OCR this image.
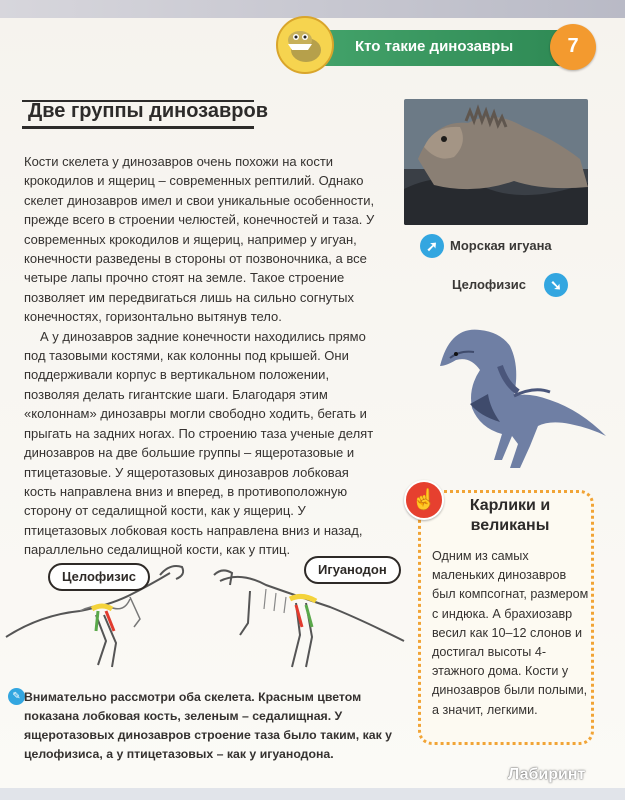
Кто такие динозавры	7
Две группы динозавров

Кости скелета у динозавров очень похожи на кости крокодилов и ящериц – современных рептилий. Однако скелет динозавров имел и свои уникальные особенности, прежде всего в строении челюстей, конечностей и таза. У современных крокодилов и ящериц, например у игуан, конечности разведены в стороны от позвоночника, а все четыре лапы прочно стоят на земле. Такое строение позволяет им передвигаться лишь на сильно согнутых конечностях, горизонтально вытянув тело.

А у динозавров задние конечности находились прямо под тазовыми костями, как колонны под крышей. Они поддерживали корпус в вертикальном положении, позволяя делать гигантские шаги. Благодаря этим «колоннам» динозавры могли свободно ходить, бегать и прыгать на задних ногах. По строению таза ученые делят динозавров на две большие группы – ящеротазовые и птицетазовые. У ящеротазовых динозавров лобковая кость направлена вниз и вперед, в противоположную сторону от седалищной кости, как у ящериц. У птицетазовых лобковая кость направлена вниз и назад, параллельно седалищной кости, как у птиц.

➚ Морская игуана
Целофизис	➘
Целофизис	Игуанодон
✎ Внимательно рассмотри оба скелета. Красным цветом показана лобковая кость, зеленым – седалищная. У ящеротазовых динозавров строение таза было таким, как у целофизиса, а у птицетазовых – как у игуанодона.
☝	Карлики и великаны
Одним из самых маленьких динозавров был компсогнат, размером с индюка. А брахиозавр весил как 10–12 слонов и достигал высоты 4-этажного дома. Кости у динозавров были полыми, а значит, легкими.
Лабиринт
